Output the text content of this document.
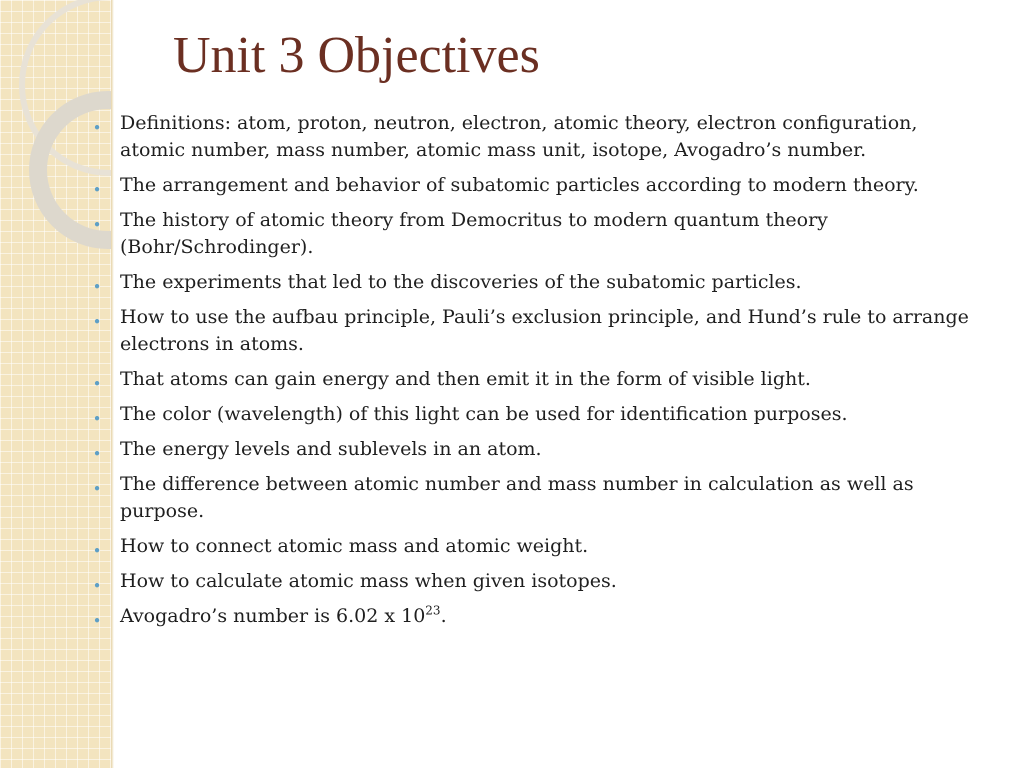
Unit 3 Objectives
• Definitions: atom, proton, neutron, electron, atomic theory, electron configuration, atomic number, mass number, atomic mass unit, isotope, Avogadro’s number.
• The arrangement and behavior of subatomic particles according to modern theory.
• The history of atomic theory from Democritus to modern quantum theory (Bohr/Schrodinger).
• The experiments that led to the discoveries of the subatomic particles.
• How to use the aufbau principle, Pauli’s exclusion principle, and Hund’s rule to arrange electrons in atoms.
• That atoms can gain energy and then emit it in the form of visible light.
• The color (wavelength) of this light can be used for identification purposes.
• The energy levels and sublevels in an atom.
• The difference between atomic number and mass number in calculation as well as purpose.
• How to connect atomic mass and atomic weight.
• How to calculate atomic mass when given isotopes.
• Avogadro’s number is 6.02 x $10^{23}$.
